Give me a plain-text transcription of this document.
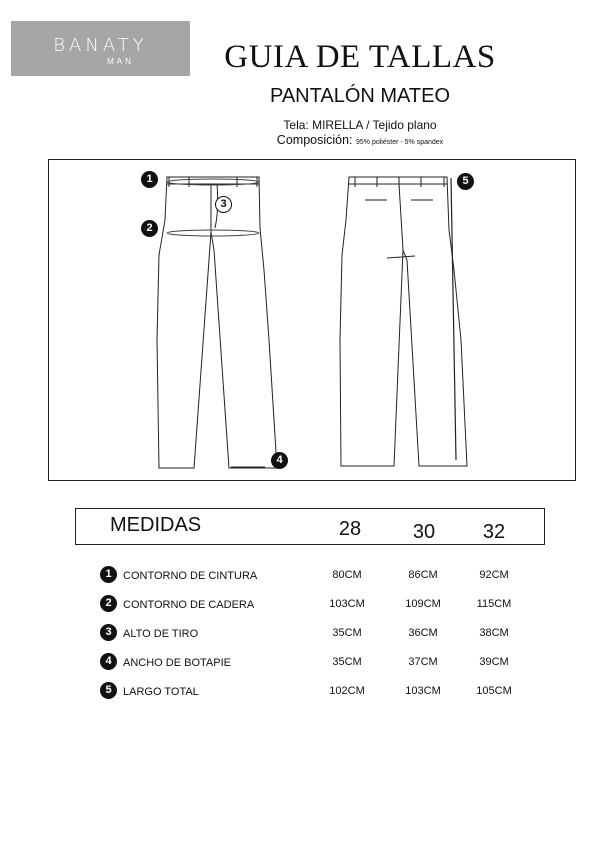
BANATY
MAN	GUIA DE TALLAS
PANTALÓN MATEO
Tela: MIRELLA / Tejido plano
Composición: 95% poliéster - 5% spandex
1
2
3
4
5
MEDIDAS	28	30	32
1	CONTORNO DE CINTURA	80CM	86CM	92CM
2	CONTORNO DE CADERA	103CM	109CM	115CM
3	ALTO DE TIRO	35CM	36CM	38CM
4	ANCHO DE BOTAPIE	35CM	37CM	39CM
5	LARGO TOTAL	102CM	103CM	105CM
